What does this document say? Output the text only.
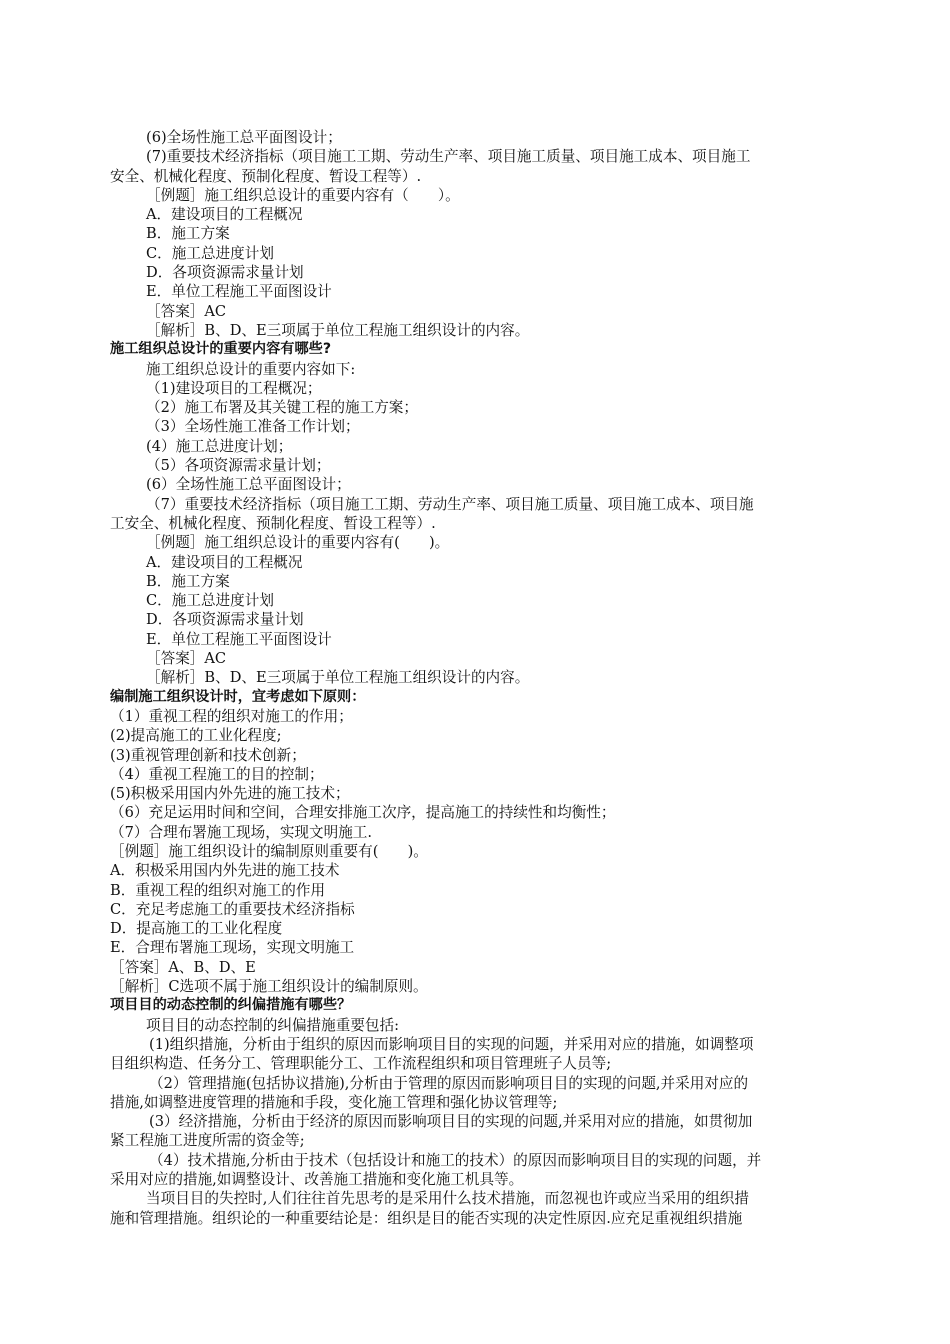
(6)全场性施工总平面图设计；
(7)重要技术经济指标（项目施工工期、劳动生产率、项目施工质量、项目施工成本、项目施工
安全、机械化程度、预制化程度、暂设工程等）.
［例题］施工组织总设计的重要内容有（　　）。
A．建设项目的工程概况
B．施工方案
C．施工总进度计划
D．各项资源需求量计划
E．单位工程施工平面图设计
［答案］AC
［解析］B、D、E三项属于单位工程施工组织设计的内容。
施工组织总设计的重要内容有哪些?
施工组织总设计的重要内容如下:
（1)建设项目的工程概况；
（2）施工布署及其关键工程的施工方案；
（3）全场性施工准备工作计划；
(4）施工总进度计划；
（5）各项资源需求量计划；
(6）全场性施工总平面图设计；
（7）重要技术经济指标（项目施工工期、劳动生产率、项目施工质量、项目施工成本、项目施
工安全、机械化程度、预制化程度、暂设工程等）.
［例题］施工组织总设计的重要内容有(　　)。
A．建设项目的工程概况
B．施工方案
C．施工总进度计划
D．各项资源需求量计划
E．单位工程施工平面图设计
［答案］AC
［解析］B、D、E三项属于单位工程施工组织设计的内容。
编制施工组织设计时，宜考虑如下原则：
（1）重视工程的组织对施工的作用；
(2)提高施工的工业化程度;
(3)重视管理创新和技术创新；
（4）重视工程施工的目的控制；
(5)积极采用国内外先进的施工技术；
（6）充足运用时间和空间，合理安排施工次序，提高施工的持续性和均衡性；
（7）合理布署施工现场，实现文明施工.
［例题］施工组织设计的编制原则重要有(　　)。
A．积极采用国内外先进的施工技术
B．重视工程的组织对施工的作用
C．充足考虑施工的重要技术经济指标
D．提高施工的工业化程度
E．合理布署施工现场，实现文明施工
［答案］A、B、D、E
［解析］C选项不属于施工组织设计的编制原则。
项目目的动态控制的纠偏措施有哪些？
项目目的动态控制的纠偏措施重要包括:
(1)组织措施，分析由于组织的原因而影响项目目的实现的问题，并采用对应的措施，如调整项
目组织构造、任务分工、管理职能分工、工作流程组织和项目管理班子人员等;
（2）管理措施(包括协议措施),分析由于管理的原因而影响项目目的实现的问题,并采用对应的
措施,如调整进度管理的措施和手段，变化施工管理和强化协议管理等;
(3）经济措施，分析由于经济的原因而影响项目目的实现的问题,并采用对应的措施，如贯彻加
紧工程施工进度所需的资金等;
（4）技术措施,分析由于技术（包括设计和施工的技术）的原因而影响项目目的实现的问题，并
采用对应的措施,如调整设计、改善施工措施和变化施工机具等。
当项目目的失控时,人们往往首先思考的是采用什么技术措施，而忽视也许或应当采用的组织措
施和管理措施。组织论的一种重要结论是：组织是目的能否实现的决定性原因.应充足重视组织措施
